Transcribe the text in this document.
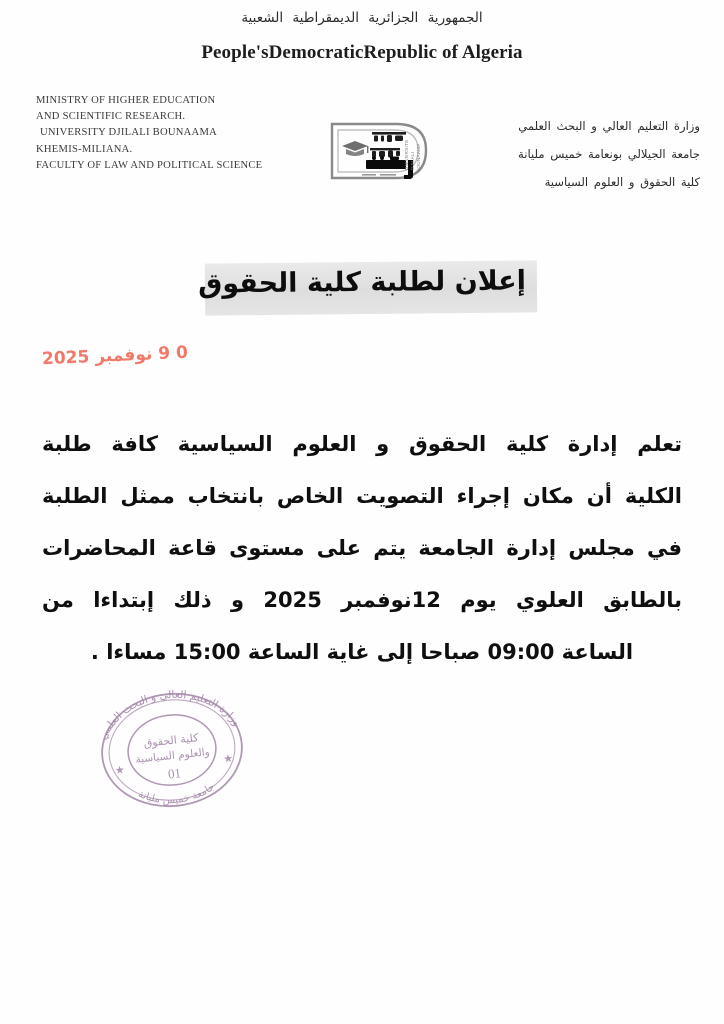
الجمهورية الجزائرية الديمقراطية الشعبية
People'sDemocraticRepublic of Algeria
MINISTRY OF HIGHER EDUCATION
AND SCIENTIFIC RESEARCH.
UNIVERSITY DJILALI BOUNAAMA
KHEMIS-MILIANA.
FACULTY OF LAW AND POLITICAL SCIENCE
وزارة التعليم العالي و البحث العلمي
جامعة الجيلالي بونعامة خميس مليانة
كلية الحقوق و العلوم السياسية
UNIVERSITE DJILALI BOUNAAMA
إعلان لطلبة كلية الحقوق
0 9 نوفمبر 2025

تعلم إدارة كلية الحقوق و العلوم السياسية كافة طلبة

الكلية أن مكان إجراء التصويت الخاص بانتخاب ممثل الطلبة

في مجلس إدارة الجامعة يتم على مستوى قاعة المحاضرات

بالطابق العلوي يوم 12نوفمبر 2025 و ذلك إبتداءا من

الساعة 09:00 صباحا إلى غاية الساعة 15:00 مساءا .

وزارة التعليم العالي و البحث العلمي
جامعة خميس مليانة
كلية الحقوق
والعلوم السياسية
01
★
★
